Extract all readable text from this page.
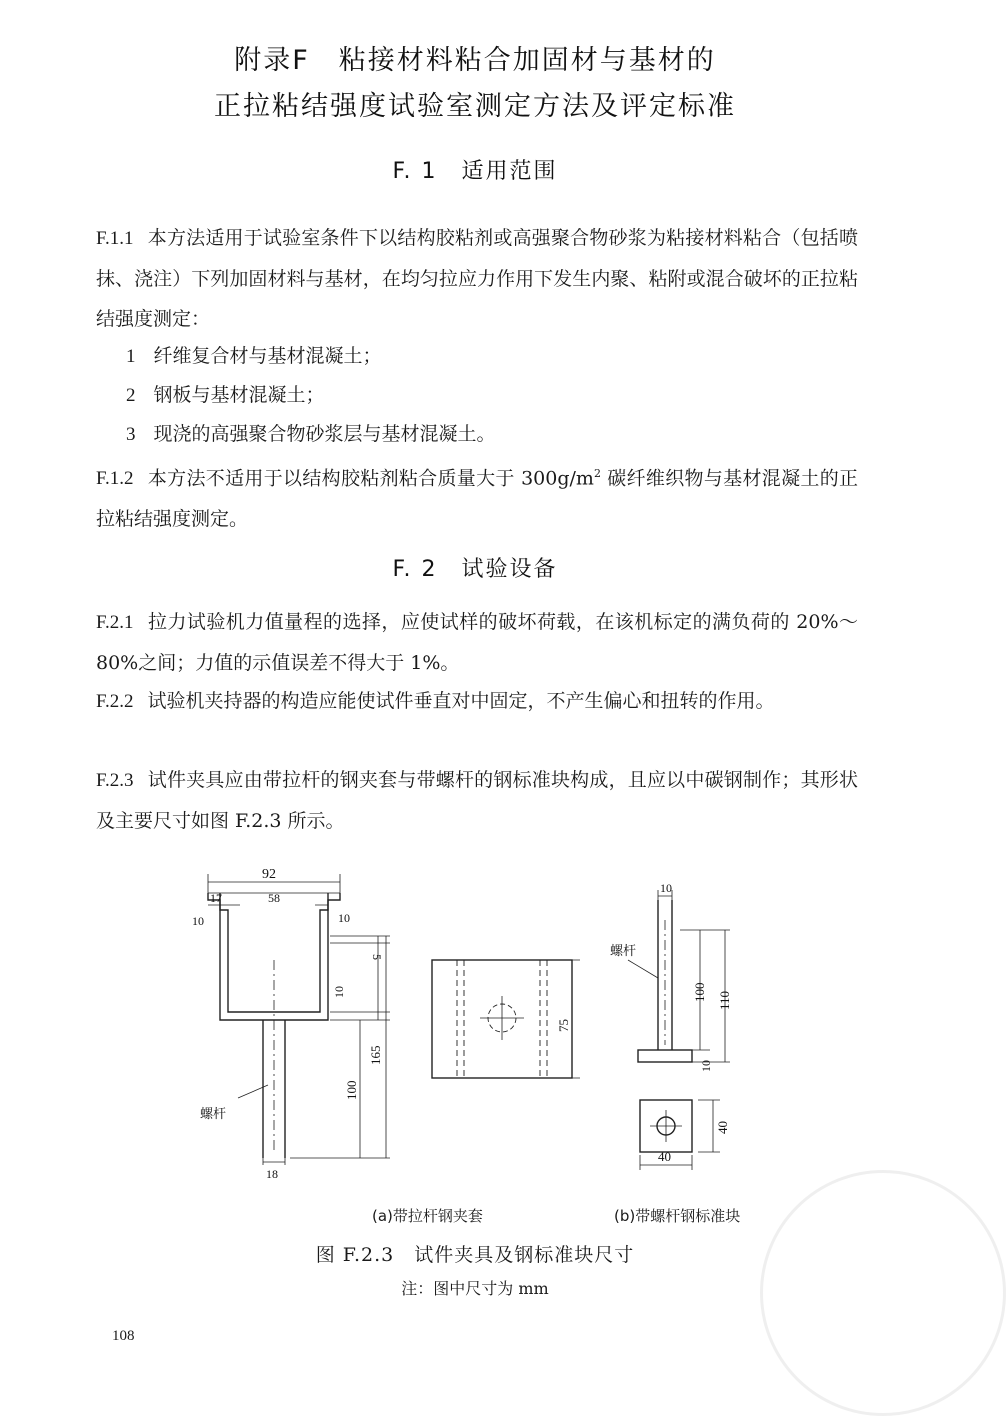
附录F　粘接材料粘合加固材与基材的
正拉粘结强度试验室测定方法及评定标准
F. 1　适用范围
F.1.1 本方法适用于试验室条件下以结构胶粘剂或高强聚合物砂浆为粘接材料粘合（包括喷抹、浇注）下列加固材料与基材，在均匀拉应力作用下发生内聚、粘附或混合破坏的正拉粘结强度测定：
1 纤维复合材与基材混凝土；
2 钢板与基材混凝土；
3 现浇的高强聚合物砂浆层与基材混凝土。
F.1.2 本方法不适用于以结构胶粘剂粘合质量大于 $300g/m^2$ 碳纤维织物与基材混凝土的正拉粘结强度测定。
F. 2　试验设备
F.2.1 拉力试验机力值量程的选择，应使试样的破坏荷载，在该机标定的满负荷的 20%～80%之间；力值的示值误差不得大于 1%。
F.2.2 试验机夹持器的构造应能使试件垂直对中固定，不产生偏心和扭转的作用。
F.2.3 试件夹具应由带拉杆的钢夹套与带螺杆的钢标准块构成，且应以中碳钢制作；其形状及主要尺寸如图 F.2.3 所示。
92
17	58
10	10
5
10
165
100
18
螺杆
75
10
螺杆
100 110
10
40
40
(a)带拉杆钢夹套	(b)带螺杆钢标准块
图 F.2.3　试件夹具及钢标准块尺寸
注：图中尺寸为 mm
108
